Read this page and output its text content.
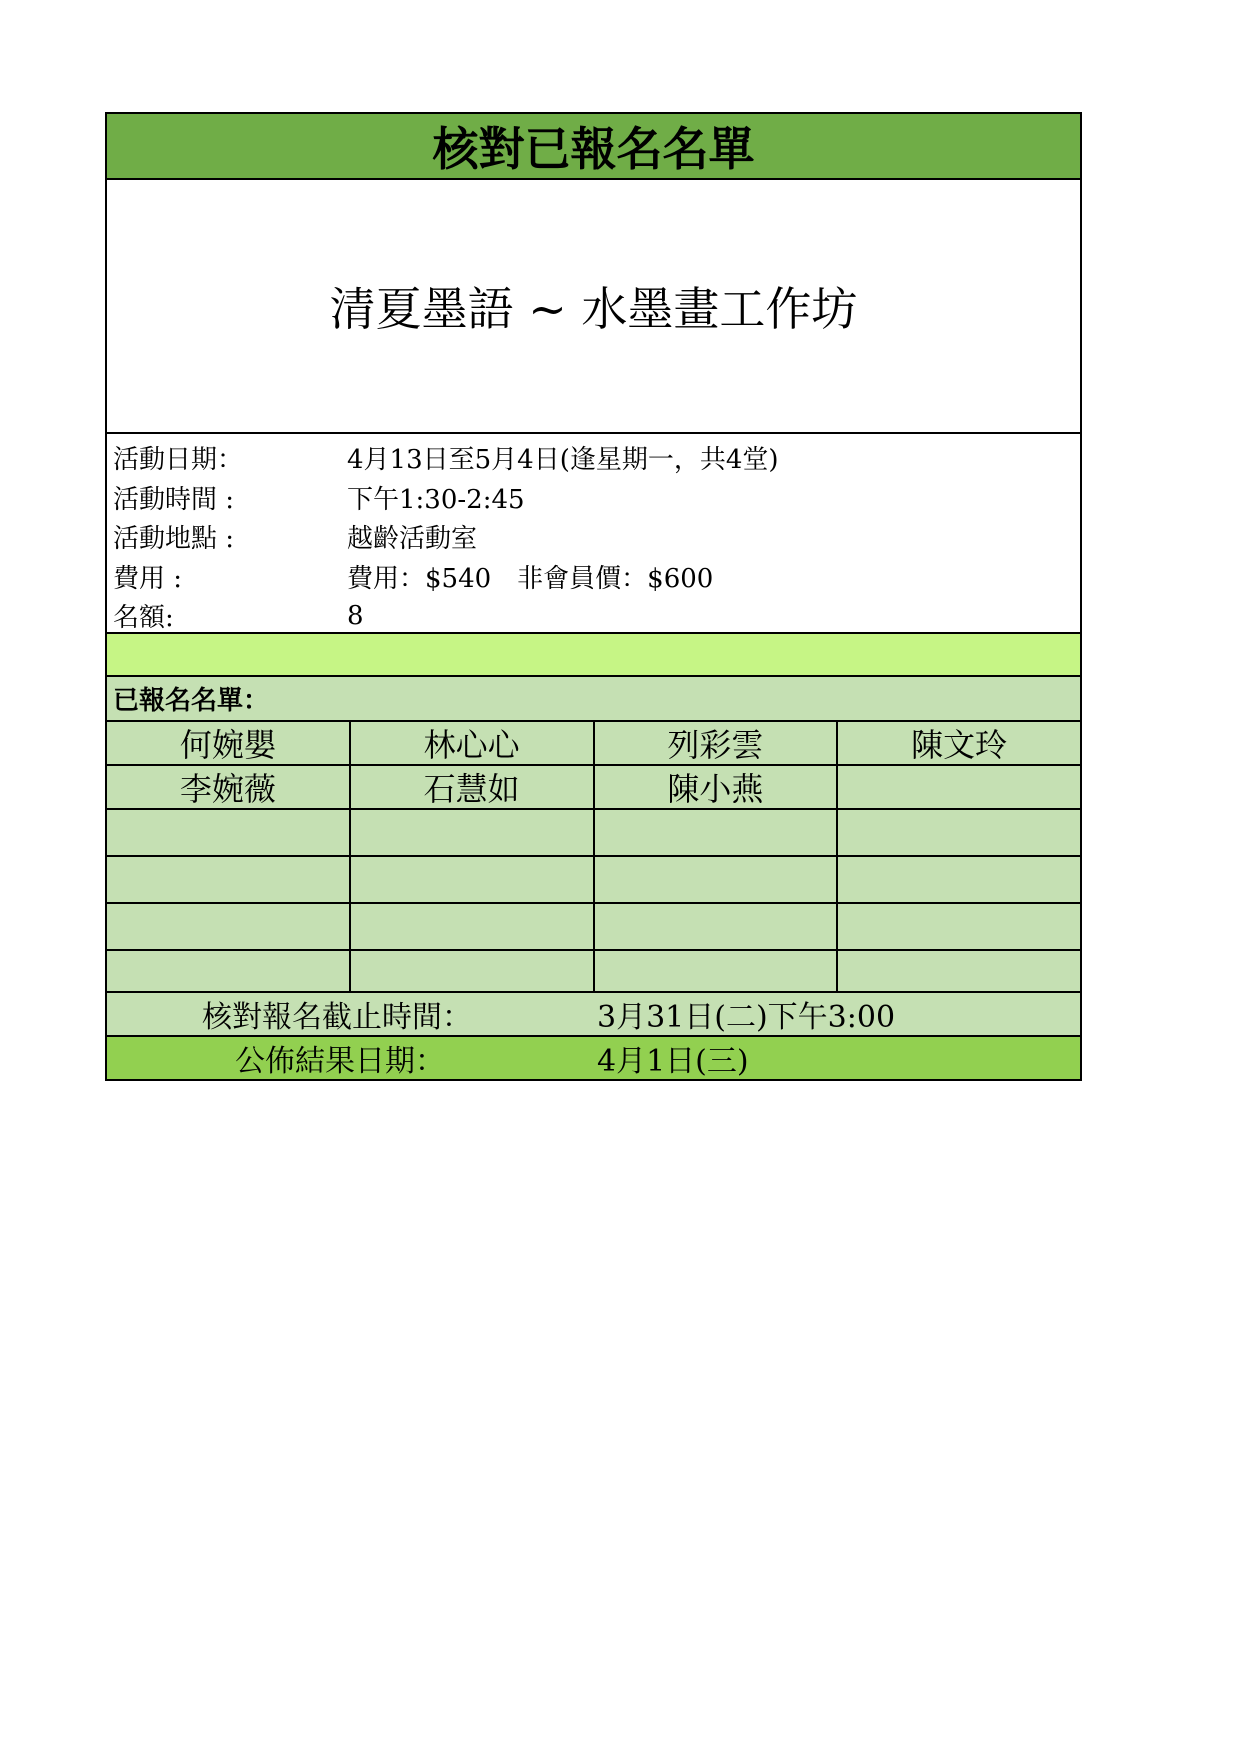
核對已報名名單
清夏墨語 ~ 水墨畫工作坊
活動日期：	4月13日至5月4日(逢星期一，共4堂)
活動時間 :	下午1:30-2:45
活動地點 :	越齡活動室
費用 :	費用：$540　非會員價：$600
名額:	8
已報名名單：
何婉嬰	林心心	列彩雲	陳文玲
李婉薇	石慧如	陳小燕
核對報名截止時間：	3月31日(二)下午3:00
公佈結果日期：	4月1日(三)
